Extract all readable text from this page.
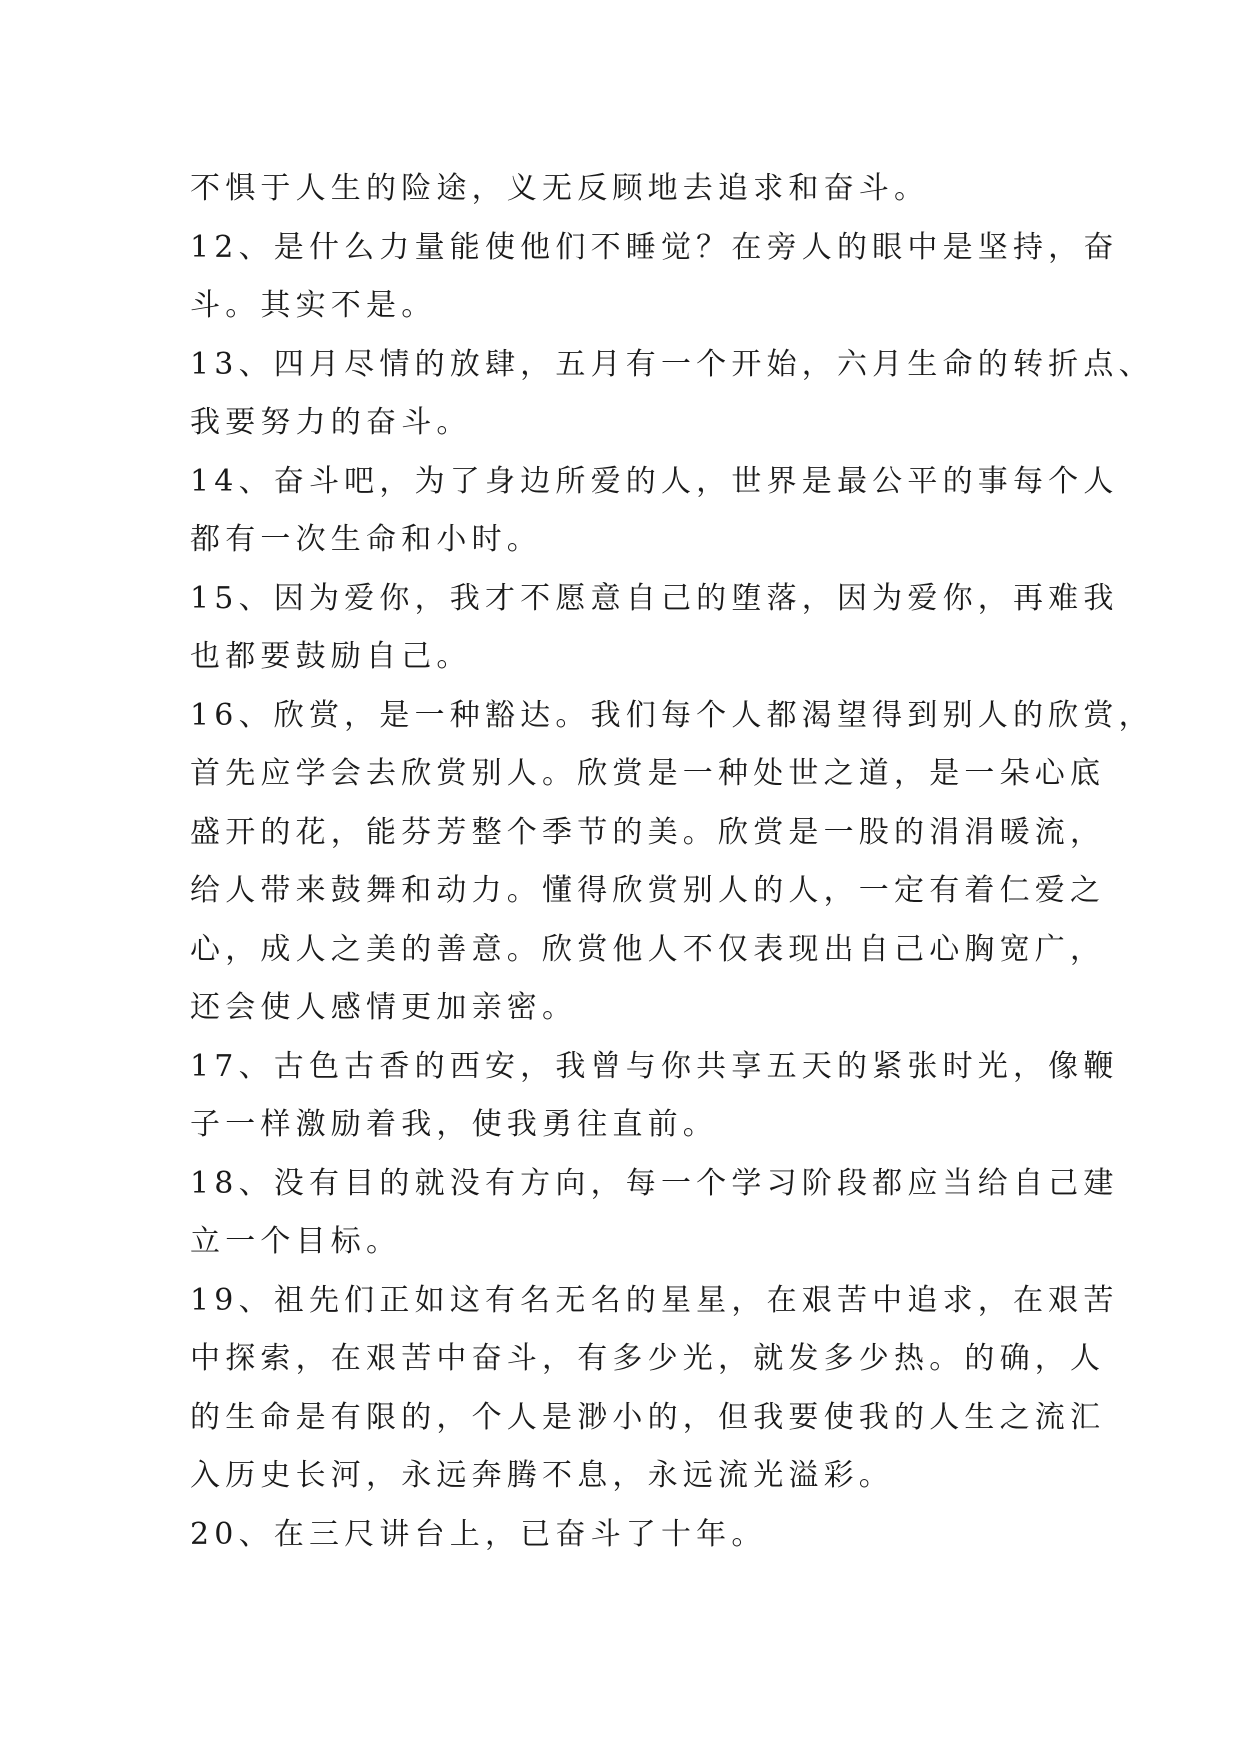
不惧于人生的险途，义无反顾地去追求和奋斗。
12、是什么力量能使他们不睡觉？在旁人的眼中是坚持，奋
斗。其实不是。
13、四月尽情的放肆，五月有一个开始，六月生命的转折点、
我要努力的奋斗。
14、奋斗吧，为了身边所爱的人，世界是最公平的事每个人
都有一次生命和小时。
15、因为爱你，我才不愿意自己的堕落，因为爱你，再难我
也都要鼓励自己。
16、欣赏，是一种豁达。我们每个人都渴望得到别人的欣赏，
首先应学会去欣赏别人。欣赏是一种处世之道，是一朵心底
盛开的花，能芬芳整个季节的美。欣赏是一股的涓涓暖流，
给人带来鼓舞和动力。懂得欣赏别人的人，一定有着仁爱之
心，成人之美的善意。欣赏他人不仅表现出自己心胸宽广，
还会使人感情更加亲密。
17、古色古香的西安，我曾与你共享五天的紧张时光，像鞭
子一样激励着我，使我勇往直前。
18、没有目的就没有方向，每一个学习阶段都应当给自己建
立一个目标。
19、祖先们正如这有名无名的星星，在艰苦中追求，在艰苦
中探索，在艰苦中奋斗，有多少光，就发多少热。的确，人
的生命是有限的，个人是渺小的，但我要使我的人生之流汇
入历史长河，永远奔腾不息，永远流光溢彩。
20、在三尺讲台上，已奋斗了十年。
